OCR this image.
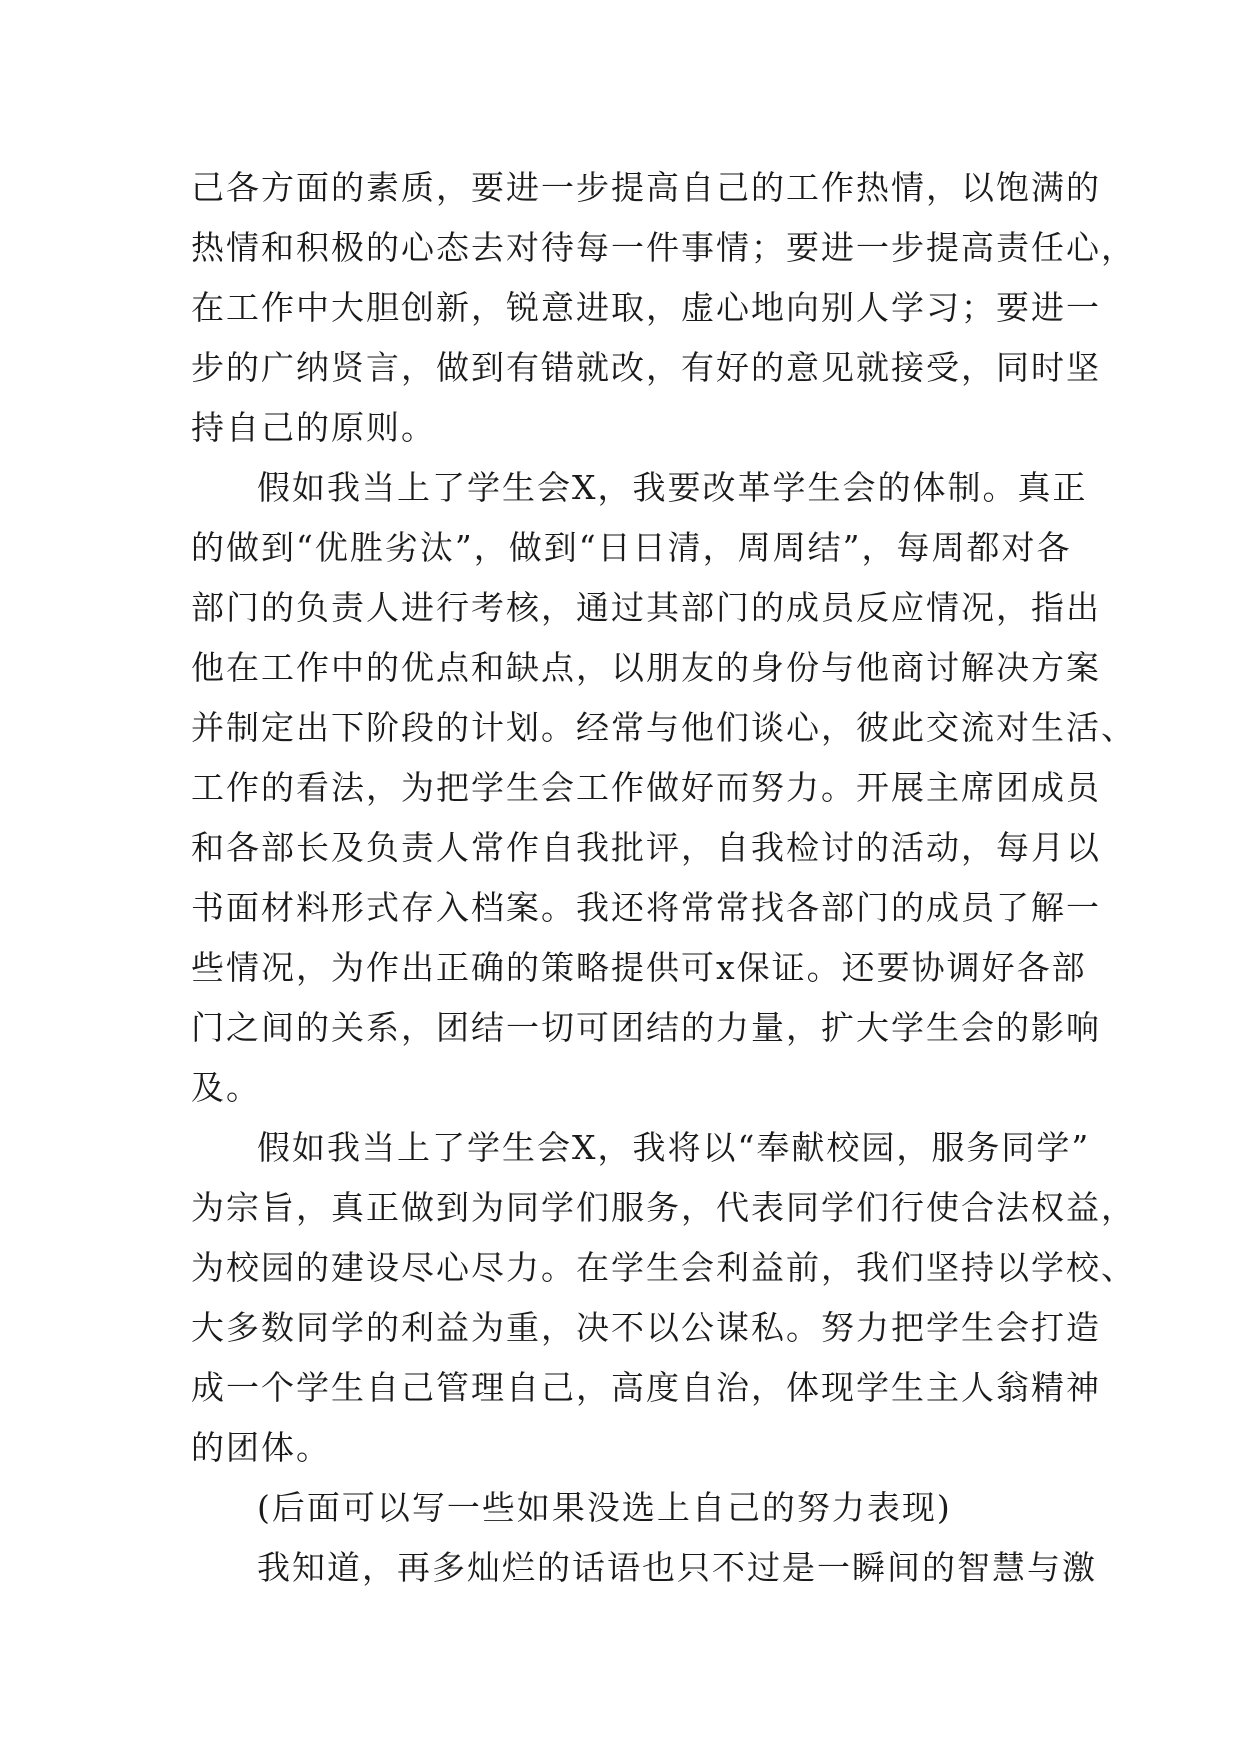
己各方面的素质，要进一步提高自己的工作热情，以饱满的
热情和积极的心态去对待每一件事情；要进一步提高责任心，
在工作中大胆创新，锐意进取，虚心地向别人学习；要进一
步的广纳贤言，做到有错就改，有好的意见就接受，同时坚
持自己的原则。
假如我当上了学生会X，我要改革学生会的体制。真正
的做到“优胜劣汰”，做到“日日清，周周结”，每周都对各
部门的负责人进行考核，通过其部门的成员反应情况，指出
他在工作中的优点和缺点，以朋友的身份与他商讨解决方案
并制定出下阶段的计划。经常与他们谈心，彼此交流对生活、
工作的看法，为把学生会工作做好而努力。开展主席团成员
和各部长及负责人常作自我批评，自我检讨的活动，每月以
书面材料形式存入档案。我还将常常找各部门的成员了解一
些情况，为作出正确的策略提供可x保证。还要协调好各部
门之间的关系，团结一切可团结的力量，扩大学生会的影响
及。
假如我当上了学生会X，我将以“奉献校园，服务同学”
为宗旨，真正做到为同学们服务，代表同学们行使合法权益，
为校园的建设尽心尽力。在学生会利益前，我们坚持以学校、
大多数同学的利益为重，决不以公谋私。努力把学生会打造
成一个学生自己管理自己，高度自治，体现学生主人翁精神
的团体。
(后面可以写一些如果没选上自己的努力表现)
我知道，再多灿烂的话语也只不过是一瞬间的智慧与激
